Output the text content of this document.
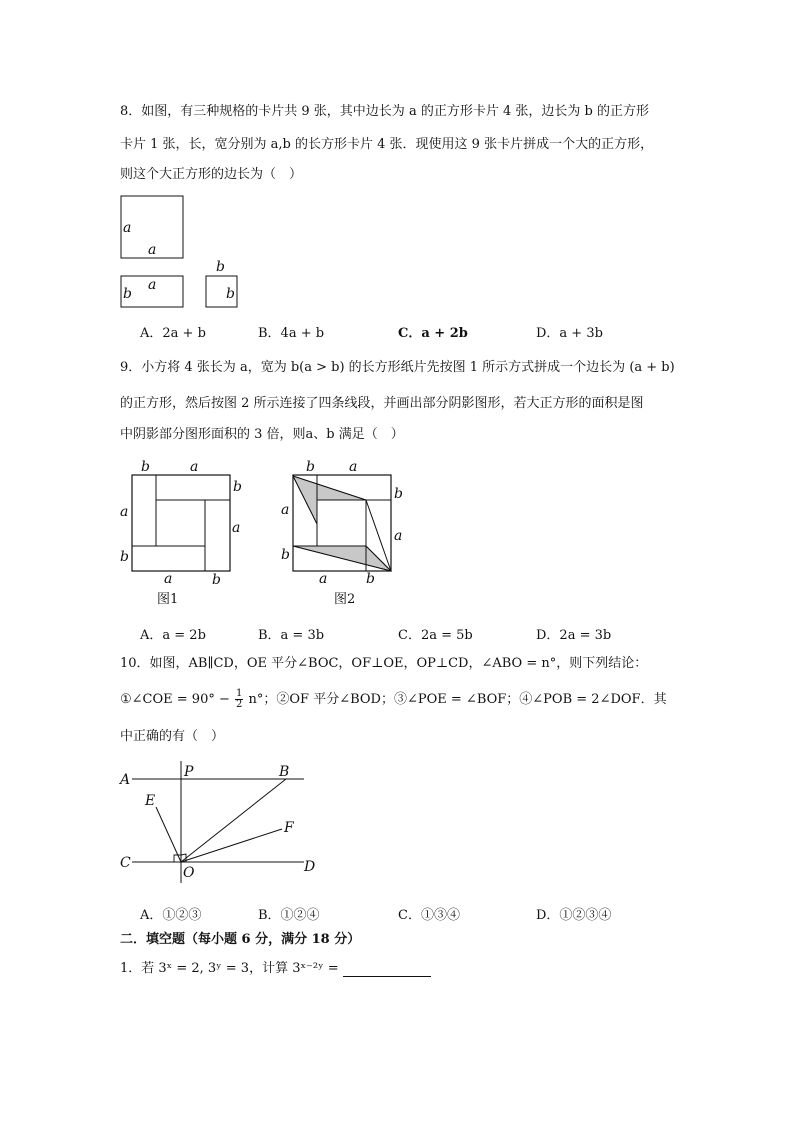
8．如图，有三种规格的卡片共 9 张，其中边长为 a 的正方形卡片 4 张，边长为 b 的正方形
卡片 1 张，长，宽分别为 a,b 的长方形卡片 4 张．现使用这 9 张卡片拼成一个大的正方形，
则这个大正方形的边长为（　）
a
a
b
a
b
b
A．2a + b	B．4a + b	C．a + 2b	D．a + 3b
9．小方将 4 张长为 a，宽为 b(a > b) 的长方形纸片先按图 1 所示方式拼成一个边长为 (a + b)
的正方形，然后按图 2 所示连接了四条线段，并画出部分阴影图形，若大正方形的面积是图
中阴影部分图形面积的 3 倍，则a、b 满足（　）
b	a
b
a
a
b
a	b
图1
b a
b
a
a
b
a	b
图2
A．a = 2b	B．a = 3b	C．2a = 5b	D．2a = 3b
10．如图，AB∥CD，OE 平分∠BOC，OF⊥OE，OP⊥CD，∠ABO = n°，则下列结论：
①∠COE = $90^\circ - \frac{1}{2} n^\circ$；②OF 平分∠BOD；③∠POE = ∠BOF；④∠POB = 2∠DOF．其
中正确的有（　）
A	P	B
E
F
C
O	D
A．①②③	B．①②④	C．①③④	D．①②③④
二．填空题（每小题 6 分，满分 18 分）
1．若 3ˣ = 2, 3ʸ = 3，计算 3ˣ⁻²ʸ =
